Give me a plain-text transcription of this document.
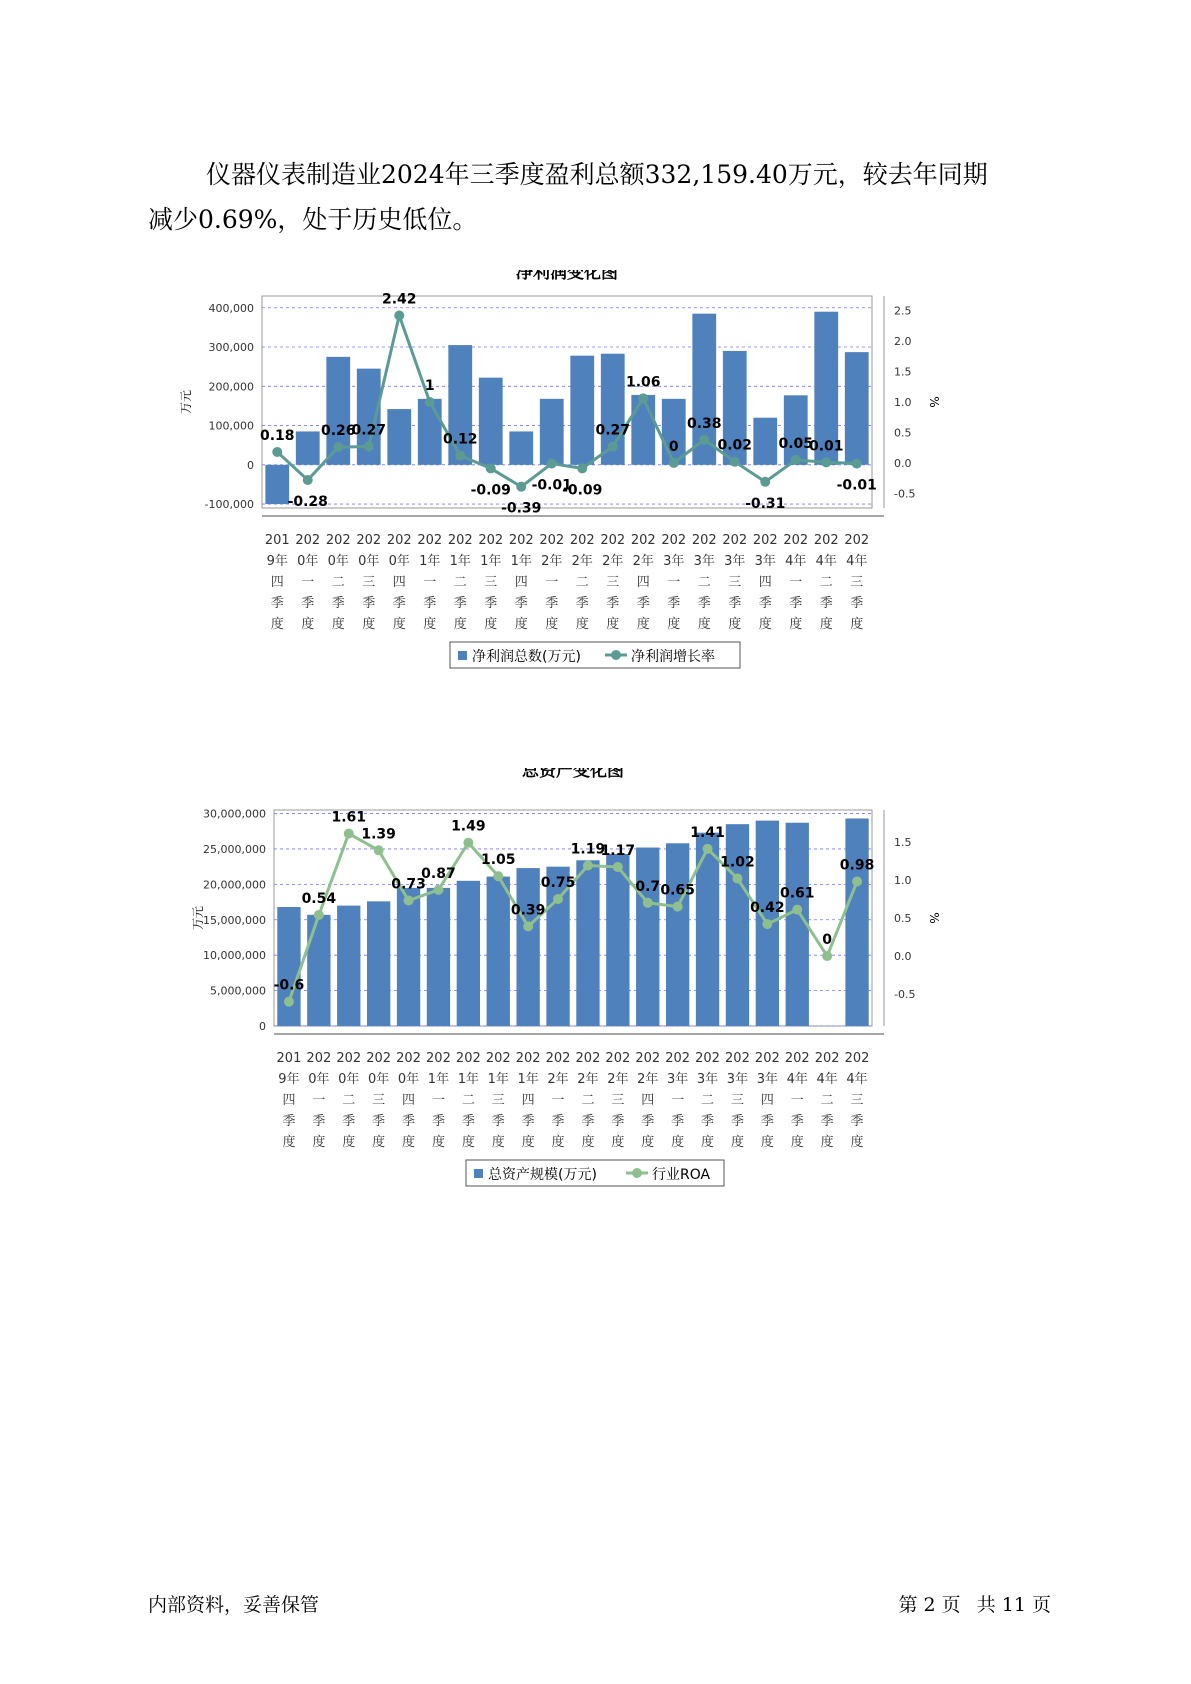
仪器仪表制造业2024年三季度盈利总额332,159.40万元，较去年同期
减少0.69%，处于历史低位。
净利润变化图
-100,000
0
100,000
200,000
300,000
400,000
-0.5
0.0
0.5
1.0
1.5
2.0
2.5
万元	%
0.18
-0.28
0.26
0.27
2.42
1
0.12
-0.09
-0.39
-0.01
-0.09
0.27
1.06
0
0.38
0.02
-0.31
0.05
0.01
-0.01
201 9年四季度
202 0年一季度
202 0年二季度
202 0年三季度
202 0年四季度
202 1年一季度
202 1年二季度
202 1年三季度
202 1年四季度
202 2年一季度
202 2年二季度
202 2年三季度
202 2年四季度
202 3年一季度
202 3年二季度
202 3年三季度
202 3年四季度
202 4年一季度
202 4年二季度
202 4年三季度
净利润总数(万元)	净利润增长率
总资产变化图
0
5,000,000
10,000,000
15,000,000
20,000,000
25,000,000
30,000,000
-0.5
0.0
0.5
1.0
1.5
万元	%
-0.6
0.54
1.61
1.39
0.73
0.87
1.49
1.05
0.39
0.75
1.19
1.17
0.7 0.65
1.41
1.02
0.42
0.61
0
0.98
201 9年四季度
202 0年一季度
202 0年二季度
202 0年三季度
202 0年四季度
202 1年一季度
202 1年二季度
202 1年三季度
202 1年四季度
202 2年一季度
202 2年二季度
202 2年三季度
202 2年四季度
202 3年一季度
202 3年二季度
202 3年三季度
202 3年四季度
202 4年一季度
202 4年二季度
202 4年三季度
总资产规模(万元)	行业ROA
内部资料，妥善保管	第 2 页 共 11 页
